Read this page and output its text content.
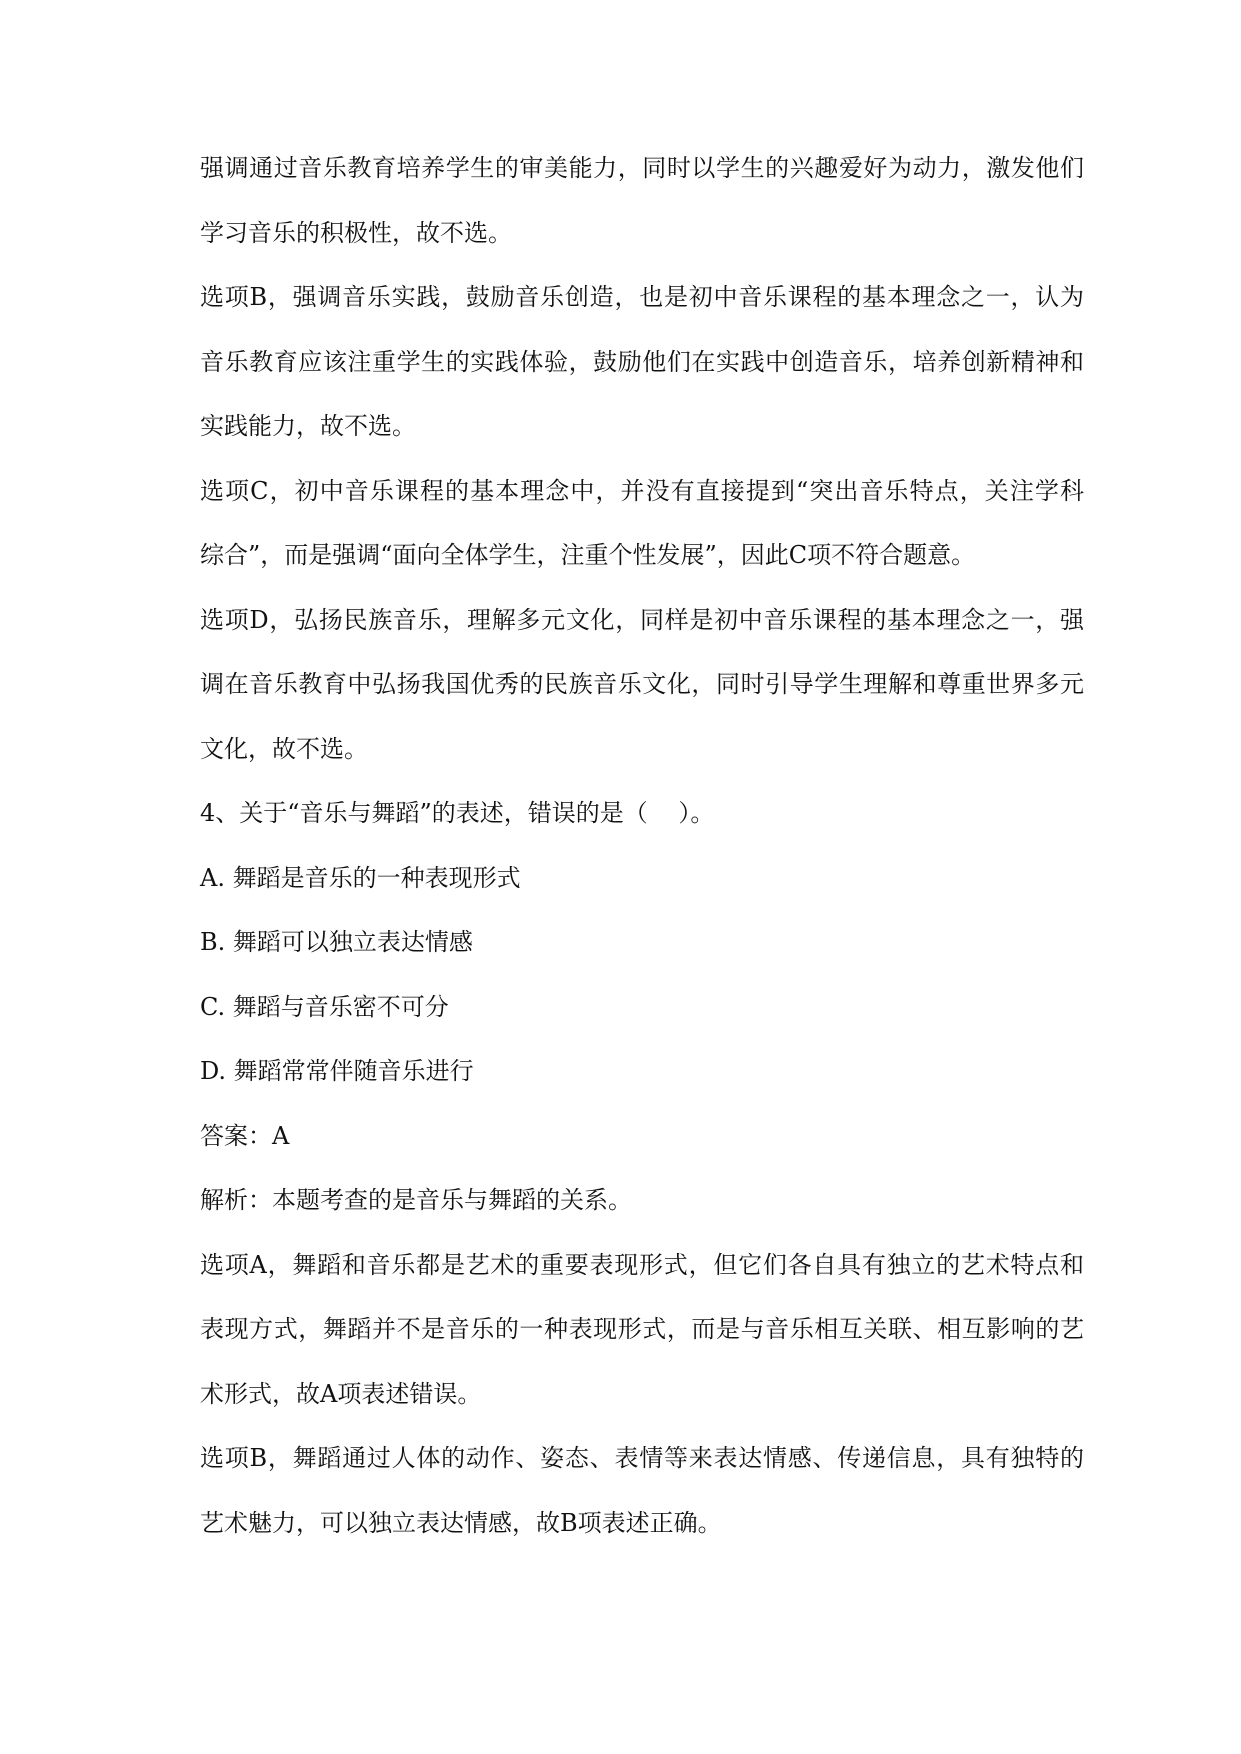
强调通过音乐教育培养学生的审美能力，同时以学生的兴趣爱好为动力，激发他们
学习音乐的积极性，故不选。
选项B，强调音乐实践，鼓励音乐创造，也是初中音乐课程的基本理念之一，认为
音乐教育应该注重学生的实践体验，鼓励他们在实践中创造音乐，培养创新精神和
实践能力，故不选。
选项C，初中音乐课程的基本理念中，并没有直接提到“突出音乐特点，关注学科
综合”，而是强调“面向全体学生，注重个性发展”，因此C项不符合题意。
选项D，弘扬民族音乐，理解多元文化，同样是初中音乐课程的基本理念之一，强
调在音乐教育中弘扬我国优秀的民族音乐文化，同时引导学生理解和尊重世界多元
文化，故不选。
4、关于“音乐与舞蹈”的表述，错误的是（    ）。
A. 舞蹈是音乐的一种表现形式
B. 舞蹈可以独立表达情感
C. 舞蹈与音乐密不可分
D. 舞蹈常常伴随音乐进行
答案：A
解析：本题考查的是音乐与舞蹈的关系。
选项A，舞蹈和音乐都是艺术的重要表现形式，但它们各自具有独立的艺术特点和
表现方式，舞蹈并不是音乐的一种表现形式，而是与音乐相互关联、相互影响的艺
术形式，故A项表述错误。
选项B，舞蹈通过人体的动作、姿态、表情等来表达情感、传递信息，具有独特的
艺术魅力，可以独立表达情感，故B项表述正确。
